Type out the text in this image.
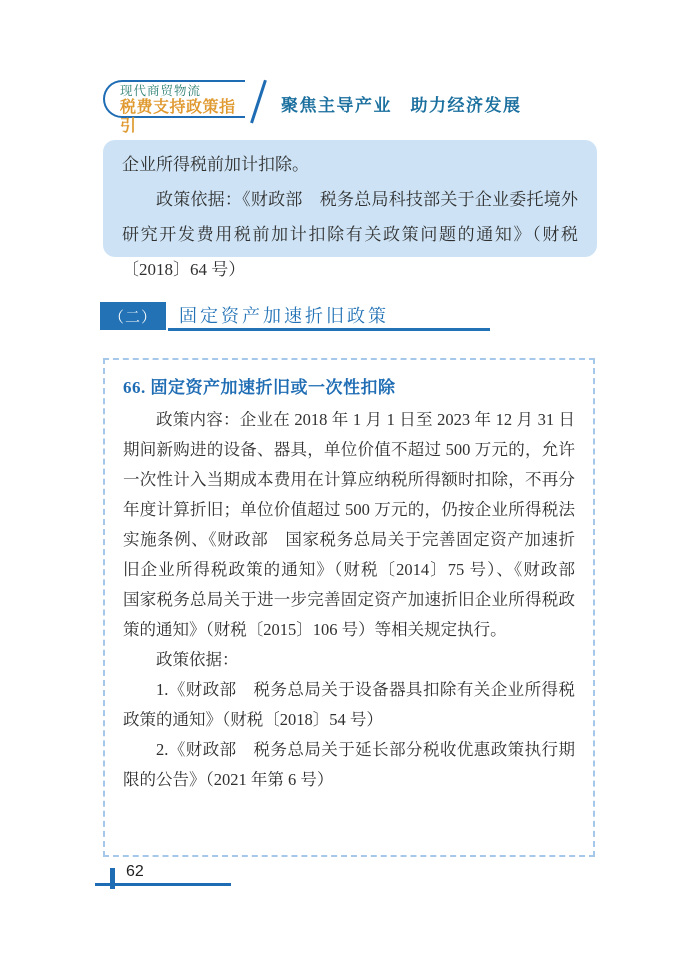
现代商贸物流
税费支持政策指引
聚焦主导产业　助力经济发展

企业所得税前加计扣除。

政策依据：《财政部　税务总局科技部关于企业委托境外研究开发费用税前加计扣除有关政策问题的通知》（财税〔2018〕64 号）

（二）	固定资产加速折旧政策

66. 固定资产加速折旧或一次性扣除

政策内容：企业在 2018 年 1 月 1 日至 2023 年 12 月 31 日期间新购进的设备、器具，单位价值不超过 500 万元的，允许一次性计入当期成本费用在计算应纳税所得额时扣除，不再分年度计算折旧；单位价值超过 500 万元的，仍按企业所得税法实施条例、《财政部　国家税务总局关于完善固定资产加速折旧企业所得税政策的通知》（财税〔2014〕75 号）、《财政部　国家税务总局关于进一步完善固定资产加速折旧企业所得税政策的通知》（财税〔2015〕106 号）等相关规定执行。

政策依据：

1.《财政部　税务总局关于设备器具扣除有关企业所得税政策的通知》（财税〔2018〕54 号）

2.《财政部　税务总局关于延长部分税收优惠政策执行期限的公告》（2021 年第 6 号）

62
